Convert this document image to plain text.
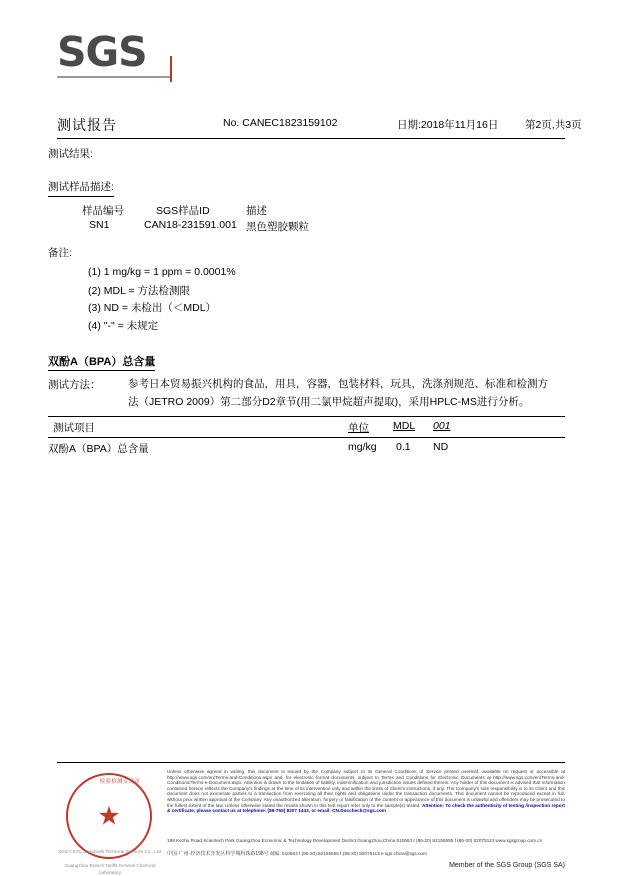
SGS
测试报告	No. CANEC1823159102	日期:2018年11月16日	第2页,共3页
测试结果:
测试样品描述:
样品编号	SGS样品ID	描述
SN1	CAN18-231591.001 黑色塑胶颗粒
备注:
(1) 1 mg/kg = 1 ppm = 0.0001%
(2) MDL = 方法检测限
(3) ND = 未检出（＜MDL）
(4) "-" = 未规定
双酚A（BPA）总含量
测试方法：	参考日本贸易振兴机构的食品，用具，容器，包装材料，玩具，洗涤剂规范、标准和检测方
法（JETRO 2009）第二部分D2章节(用二氯甲烷超声提取)，采用HPLC-MS进行分析。
测试项目	单位 MDL 001
双酚A（BPA）总含量	mg/kg 0.1 ND
检验检测专用章
★
SGS-CSTC Standards Technical Services Co., Ltd.
Guangzhou Branch Tariffs General Chemical Laboratory
Unless otherwise agreed in writing, this document is issued by the Company subject to its General Conditions of Service printed overleaf, available on request or accessible at http://www.sgs.com/en/Terms-and-Conditions.aspx and, for electronic format documents, subject to Terms and Conditions for Electronic Documents at http://www.sgs.com/en/Terms-and-Conditions/Terms-e-Document.aspx. Attention is drawn to the limitation of liability, indemnification and jurisdiction issues defined therein. Any holder of this document is advised that information contained hereon reflects the Company's findings at the time of its intervention only and within the limits of Client's instructions, if any. The Company's sole responsibility is to its Client and this document does not exonerate parties to a transaction from exercising all their rights and obligations under the transaction documents. This document cannot be reproduced except in full, without prior written approval of the Company. Any unauthorized alteration, forgery or falsification of the content or appearance of this document is unlawful and offenders may be prosecuted to the fullest extent of the law. Unless otherwise stated the results shown in this test report refer only to the sample(s) tested. Attention: To check the authenticity of testing /inspection report & certificate, please contact us at telephone: (86-755) 8307 1443, or email: CN.Doccheck@sgs.com
198 Kezhu Road,Scientech Park Guangzhou Economic & Technology Development District,Guangzhou,China 510663 t (86-20) 82155555 f (86-20) 82075113 www.sgsgroup.com.cn
中国·广州·经济技术开发区科学城科珠路198号 邮编: 510663 t (86-20) 82155555 f (86-20) 82075113 e sgs.china@sgs.com
Member of the SGS Group (SGS SA)
